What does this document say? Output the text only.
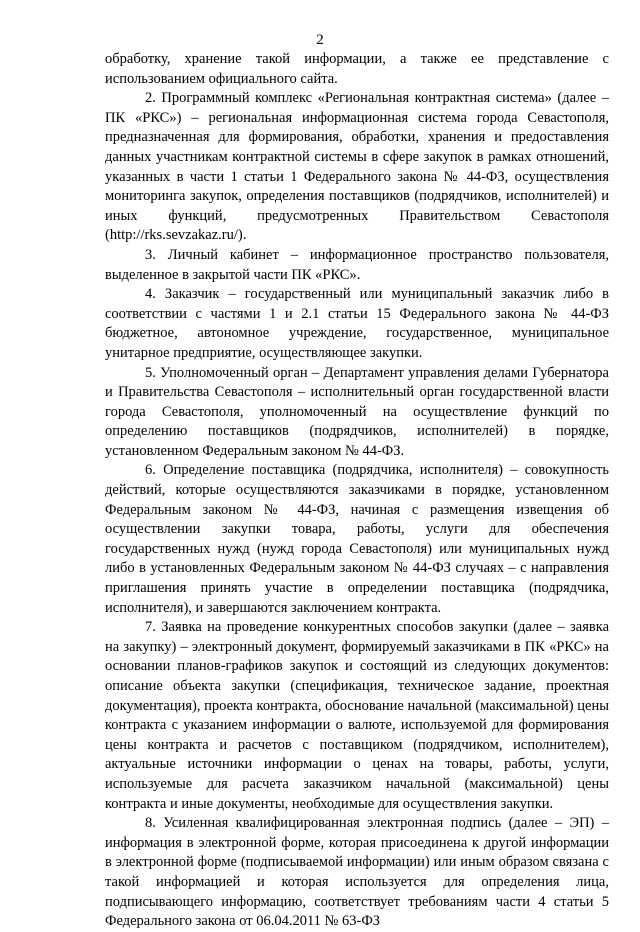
2

обработку, хранение такой информации, а также ее представление с использованием официального сайта.

2. Программный комплекс «Региональная контрактная система» (далее – ПК «РКС») – региональная информационная система города Севастополя, предназначенная для формирования, обработки, хранения и предоставления данных участникам контрактной системы в сфере закупок в рамках отношений, указанных в части 1 статьи 1 Федерального закона № 44-ФЗ, осуществления мониторинга закупок, определения поставщиков (подрядчиков, исполнителей) и иных функций, предусмотренных Правительством Севастополя (http://rks.sevzakaz.ru/).

3. Личный кабинет – информационное пространство пользователя, выделенное в закрытой части ПК «РКС».

4. Заказчик – государственный или муниципальный заказчик либо в соответствии с частями 1 и 2.1 статьи 15 Федерального закона № 44-ФЗ бюджетное, автономное учреждение, государственное, муниципальное унитарное предприятие, осуществляющее закупки.

5. Уполномоченный орган – Департамент управления делами Губернатора и Правительства Севастополя – исполнительный орган государственной власти города Севастополя, уполномоченный на осуществление функций по определению поставщиков (подрядчиков, исполнителей) в порядке, установленном Федеральным законом № 44-ФЗ.

6. Определение поставщика (подрядчика, исполнителя) – совокупность действий, которые осуществляются заказчиками в порядке, установленном Федеральным законом № 44-ФЗ, начиная с размещения извещения об осуществлении закупки товара, работы, услуги для обеспечения государственных нужд (нужд города Севастополя) или муниципальных нужд либо в установленных Федеральным законом № 44-ФЗ случаях – с направления приглашения принять участие в определении поставщика (подрядчика, исполнителя), и завершаются заключением контракта.

7. Заявка на проведение конкурентных способов закупки (далее – заявка на закупку) – электронный документ, формируемый заказчиками в ПК «РКС» на основании планов-графиков закупок и состоящий из следующих документов: описание объекта закупки (спецификация, техническое задание, проектная документация), проекта контракта, обоснование начальной (максимальной) цены контракта с указанием информации о валюте, используемой для формирования цены контракта и расчетов с поставщиком (подрядчиком, исполнителем), актуальные источники информации о ценах на товары, работы, услуги, используемые для расчета заказчиком начальной (максимальной) цены контракта и иные документы, необходимые для осуществления закупки.

8. Усиленная квалифицированная электронная подпись (далее – ЭП) – информация в электронной форме, которая присоединена к другой информации в электронной форме (подписываемой информации) или иным образом связана с такой информацией и которая используется для определения лица, подписывающего информацию, соответствует требованиям части 4 статьи 5 Федерального закона от 06.04.2011 № 63-ФЗ
